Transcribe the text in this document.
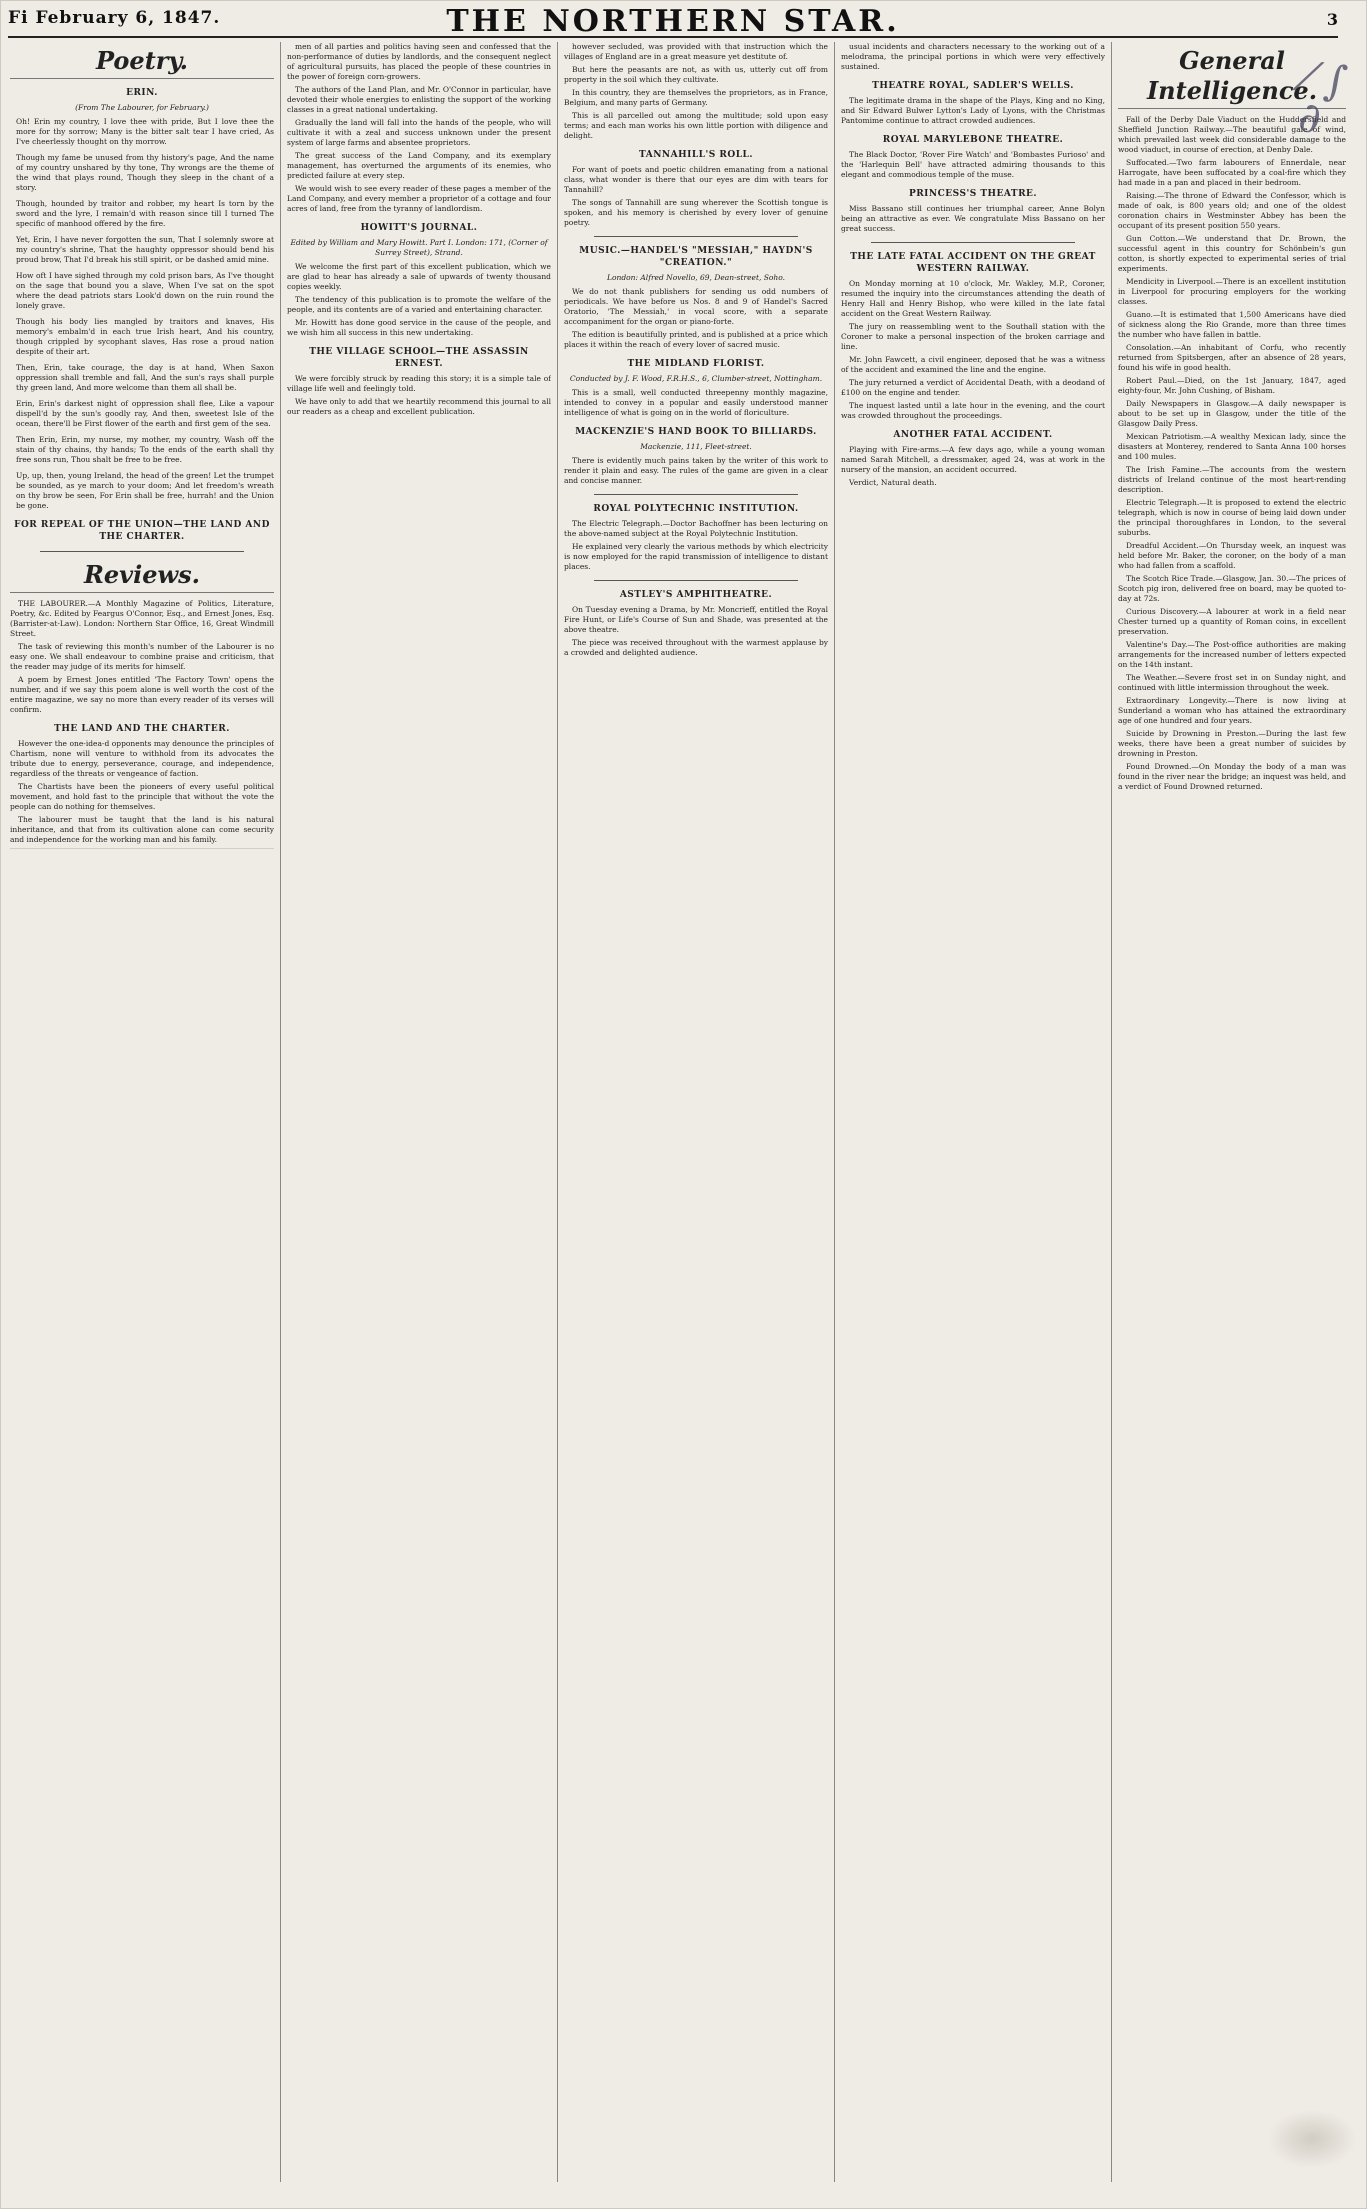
Fi February 6, 1847.	THE NORTHERN STAR.	3
Poetry.
ERIN.
(From The Labourer, for February.)

Oh! Erin my country, I love thee with pride, But I love thee the more for thy sorrow; Many is the bitter salt tear I have cried, As I've cheerlessly thought on thy morrow.

Though my fame be unused from thy history's page, And the name of my country unshared by thy tone, Thy wrongs are the theme of the wind that plays round, Though they sleep in the chant of a story.

Though, hounded by traitor and robber, my heart Is torn by the sword and the lyre, I remain'd with reason since till I turned The specific of manhood offered by the fire.

Yet, Erin, I have never forgotten the sun, That I solemnly swore at my country's shrine, That the haughty oppressor should bend his proud brow, That I'd break his still spirit, or be dashed amid mine.

How oft I have sighed through my cold prison bars, As I've thought on the sage that bound you a slave, When I've sat on the spot where the dead patriots stars Look'd down on the ruin round the lonely grave.

Though his body lies mangled by traitors and knaves, His memory's embalm'd in each true Irish heart, And his country, though crippled by sycophant slaves, Has rose a proud nation despite of their art.

Then, Erin, take courage, the day is at hand, When Saxon oppression shall tremble and fall, And the sun's rays shall purple thy green land, And more welcome than them all shall be.

Erin, Erin's darkest night of oppression shall flee, Like a vapour dispell'd by the sun's goodly ray, And then, sweetest Isle of the ocean, there'll be First flower of the earth and first gem of the sea.

Then Erin, Erin, my nurse, my mother, my country, Wash off the stain of thy chains, thy hands; To the ends of the earth shall thy free sons run, Thou shalt be free to be free.

Up, up, then, young Ireland, the head of the green! Let the trumpet be sounded, as ye march to your doom; And let freedom's wreath on thy brow be seen, For Erin shall be free, hurrah! and the Union be gone.

FOR REPEAL OF THE UNION—THE LAND AND THE CHARTER.
Reviews.

THE LABOURER.—A Monthly Magazine of Politics, Literature, Poetry, &c. Edited by Feargus O'Connor, Esq., and Ernest Jones, Esq. (Barrister-at-Law). London: Northern Star Office, 16, Great Windmill Street.

The task of reviewing this month's number of the Labourer is no easy one. We shall endeavour to combine praise and criticism, that the reader may judge of its merits for himself.

A poem by Ernest Jones entitled 'The Factory Town' opens the number, and if we say this poem alone is well worth the cost of the entire magazine, we say no more than every reader of its verses will confirm.

THE LAND AND THE CHARTER.

However the one-idea-d opponents may denounce the principles of Chartism, none will venture to withhold from its advocates the tribute due to energy, perseverance, courage, and independence, regardless of the threats or vengeance of faction.

The Chartists have been the pioneers of every useful political movement, and hold fast to the principle that without the vote the people can do nothing for themselves.

The labourer must be taught that the land is his natural inheritance, and that from its cultivation alone can come security and independence for the working man and his family.

men of all parties and politics having seen and confessed that the non-performance of duties by landlords, and the consequent neglect of agricultural pursuits, has placed the people of these countries in the power of foreign corn-growers.

The authors of the Land Plan, and Mr. O'Connor in particular, have devoted their whole energies to enlisting the support of the working classes in a great national undertaking.

Gradually the land will fall into the hands of the people, who will cultivate it with a zeal and success unknown under the present system of large farms and absentee proprietors.

The great success of the Land Company, and its exemplary management, has overturned the arguments of its enemies, who predicted failure at every step.

We would wish to see every reader of these pages a member of the Land Company, and every member a proprietor of a cottage and four acres of land, free from the tyranny of landlordism.

HOWITT'S JOURNAL.
Edited by William and Mary Howitt. Part I. London: 171, (Corner of Surrey Street), Strand.

We welcome the first part of this excellent publication, which we are glad to hear has already a sale of upwards of twenty thousand copies weekly.

The tendency of this publication is to promote the welfare of the people, and its contents are of a varied and entertaining character.

Mr. Howitt has done good service in the cause of the people, and we wish him all success in this new undertaking.

THE VILLAGE SCHOOL—THE ASSASSIN ERNEST.

We were forcibly struck by reading this story; it is a simple tale of village life well and feelingly told.

We have only to add that we heartily recommend this journal to all our readers as a cheap and excellent publication.

however secluded, was provided with that instruction which the villages of England are in a great measure yet destitute of.

But here the peasants are not, as with us, utterly cut off from property in the soil which they cultivate.

In this country, they are themselves the proprietors, as in France, Belgium, and many parts of Germany.

This is all parcelled out among the multitude; sold upon easy terms; and each man works his own little portion with diligence and delight.

TANNAHILL'S ROLL.

For want of poets and poetic children emanating from a national class, what wonder is there that our eyes are dim with tears for Tannahill?

The songs of Tannahill are sung wherever the Scottish tongue is spoken, and his memory is cherished by every lover of genuine poetry.

MUSIC.—HANDEL'S "MESSIAH," HAYDN'S "CREATION."
London: Alfred Novello, 69, Dean-street, Soho.

We do not thank publishers for sending us odd numbers of periodicals. We have before us Nos. 8 and 9 of Handel's Sacred Oratorio, 'The Messiah,' in vocal score, with a separate accompaniment for the organ or piano-forte.

The edition is beautifully printed, and is published at a price which places it within the reach of every lover of sacred music.

THE MIDLAND FLORIST.
Conducted by J. F. Wood, F.R.H.S., 6, Clumber-street, Nottingham.

This is a small, well conducted threepenny monthly magazine, intended to convey in a popular and easily understood manner intelligence of what is going on in the world of floriculture.

MACKENZIE'S HAND BOOK TO BILLIARDS.
Mackenzie, 111, Fleet-street.

There is evidently much pains taken by the writer of this work to render it plain and easy. The rules of the game are given in a clear and concise manner.

ROYAL POLYTECHNIC INSTITUTION.

The Electric Telegraph.—Doctor Bachoffner has been lecturing on the above-named subject at the Royal Polytechnic Institution.

He explained very clearly the various methods by which electricity is now employed for the rapid transmission of intelligence to distant places.

ASTLEY'S AMPHITHEATRE.

On Tuesday evening a Drama, by Mr. Moncrieff, entitled the Royal Fire Hunt, or Life's Course of Sun and Shade, was presented at the above theatre.

The piece was received throughout with the warmest applause by a crowded and delighted audience.

usual incidents and characters necessary to the working out of a melodrama, the principal portions in which were very effectively sustained.

THEATRE ROYAL, SADLER'S WELLS.

The legitimate drama in the shape of the Plays, King and no King, and Sir Edward Bulwer Lytton's Lady of Lyons, with the Christmas Pantomime continue to attract crowded audiences.

ROYAL MARYLEBONE THEATRE.

The Black Doctor, 'Rover Fire Watch' and 'Bombastes Furioso' and the 'Harlequin Bell' have attracted admiring thousands to this elegant and commodious temple of the muse.

PRINCESS'S THEATRE.

Miss Bassano still continues her triumphal career, Anne Bolyn being an attractive as ever. We congratulate Miss Bassano on her great success.

THE LATE FATAL ACCIDENT ON THE GREAT WESTERN RAILWAY.

On Monday morning at 10 o'clock, Mr. Wakley, M.P., Coroner, resumed the inquiry into the circumstances attending the death of Henry Hall and Henry Bishop, who were killed in the late fatal accident on the Great Western Railway.

The jury on reassembling went to the Southall station with the Coroner to make a personal inspection of the broken carriage and line.

Mr. John Fawcett, a civil engineer, deposed that he was a witness of the accident and examined the line and the engine.

The jury returned a verdict of Accidental Death, with a deodand of £100 on the engine and tender.

The inquest lasted until a late hour in the evening, and the court was crowded throughout the proceedings.

ANOTHER FATAL ACCIDENT.

Playing with Fire-arms.—A few days ago, while a young woman named Sarah Mitchell, a dressmaker, aged 24, was at work in the nursery of the mansion, an accident occurred.

Verdict, Natural death.

General Intelligence.

Fall of the Derby Dale Viaduct on the Huddersfield and Sheffield Junction Railway.—The beautiful gale of wind, which prevailed last week did considerable damage to the wood viaduct, in course of erection, at Denby Dale.

Suffocated.—Two farm labourers of Ennerdale, near Harrogate, have been suffocated by a coal-fire which they had made in a pan and placed in their bedroom.

Raising.—The throne of Edward the Confessor, which is made of oak, is 800 years old; and one of the oldest coronation chairs in Westminster Abbey has been the occupant of its present position 550 years.

Gun Cotton.—We understand that Dr. Brown, the successful agent in this country for Schönbein's gun cotton, is shortly expected to experimental series of trial experiments.

Mendicity in Liverpool.—There is an excellent institution in Liverpool for procuring employers for the working classes.

Guano.—It is estimated that 1,500 Americans have died of sickness along the Rio Grande, more than three times the number who have fallen in battle.

Consolation.—An inhabitant of Corfu, who recently returned from Spitsbergen, after an absence of 28 years, found his wife in good health.

Robert Paul.—Died, on the 1st January, 1847, aged eighty-four, Mr. John Cushing, of Bisham.

Daily Newspapers in Glasgow.—A daily newspaper is about to be set up in Glasgow, under the title of the Glasgow Daily Press.

Mexican Patriotism.—A wealthy Mexican lady, since the disasters at Monterey, rendered to Santa Anna 100 horses and 100 mules.

The Irish Famine.—The accounts from the western districts of Ireland continue of the most heart-rending description.

Electric Telegraph.—It is proposed to extend the electric telegraph, which is now in course of being laid down under the principal thoroughfares in London, to the several suburbs.

Dreadful Accident.—On Thursday week, an inquest was held before Mr. Baker, the coroner, on the body of a man who had fallen from a scaffold.

The Scotch Rice Trade.—Glasgow, Jan. 30.—The prices of Scotch pig iron, delivered free on board, may be quoted to-day at 72s.

Curious Discovery.—A labourer at work in a field near Chester turned up a quantity of Roman coins, in excellent preservation.

Valentine's Day.—The Post-office authorities are making arrangements for the increased number of letters expected on the 14th instant.

The Weather.—Severe frost set in on Sunday night, and continued with little intermission throughout the week.

Extraordinary Longevity.—There is now living at Sunderland a woman who has attained the extraordinary age of one hundred and four years.

Suicide by Drowning in Preston.—During the last few weeks, there have been a great number of suicides by drowning in Preston.

Found Drowned.—On Monday the body of a man was found in the river near the bridge; an inquest was held, and a verdict of Found Drowned returned.

⁄ ∫ ∂
